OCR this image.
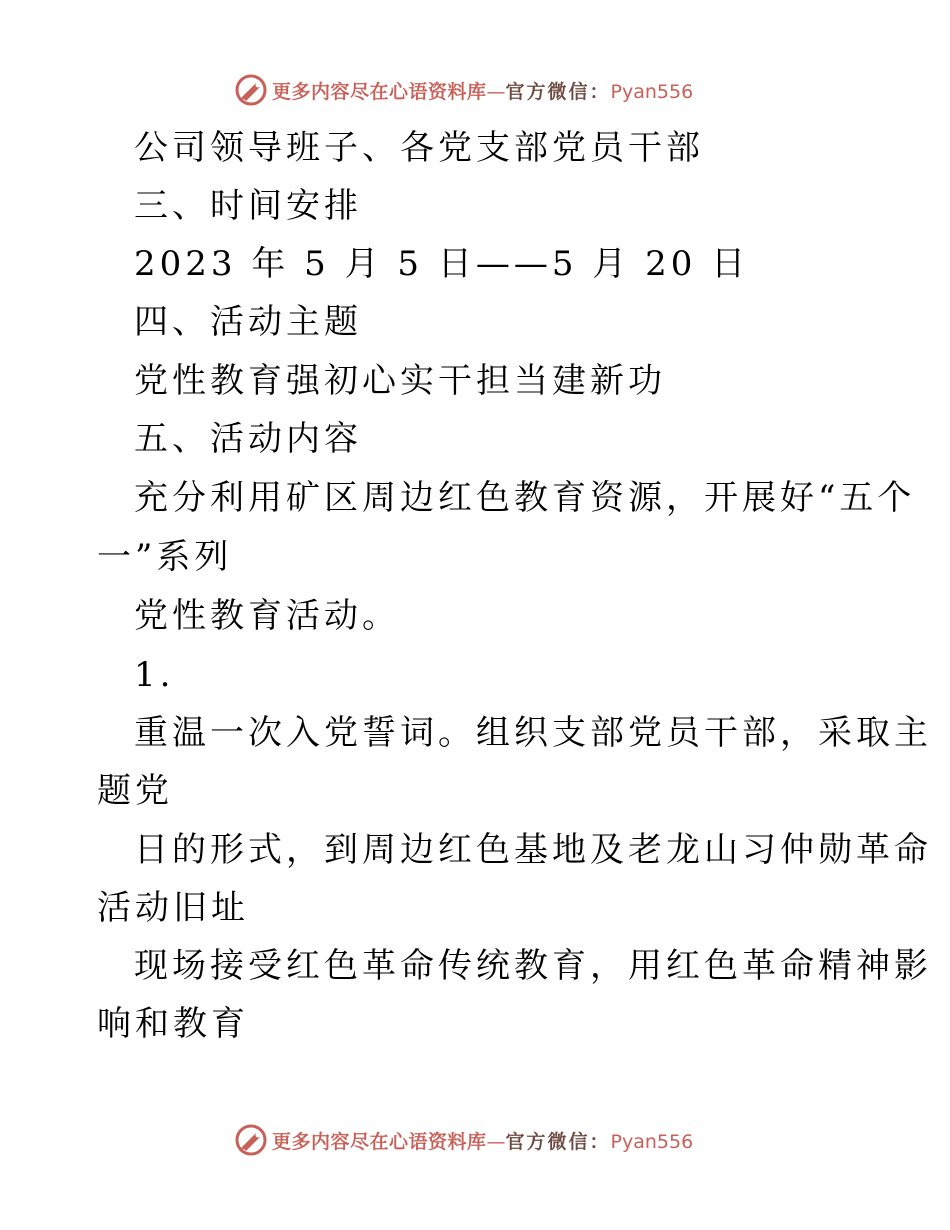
更多内容尽在心语资料库—官方微信：Pyan556
公司领导班子、各党支部党员干部
三、时间安排
2023 年 5 月 5 日——5 月 20 日
四、活动主题
党性教育强初心实干担当建新功
五、活动内容
充分利用矿区周边红色教育资源，开展好“五个
一”系列
党性教育活动。
1.
重温一次入党誓词。组织支部党员干部，采取主
题党
日的形式，到周边红色基地及老龙山习仲勋革命
活动旧址
现场接受红色革命传统教育，用红色革命精神影
响和教育
更多内容尽在心语资料库—官方微信：Pyan556
